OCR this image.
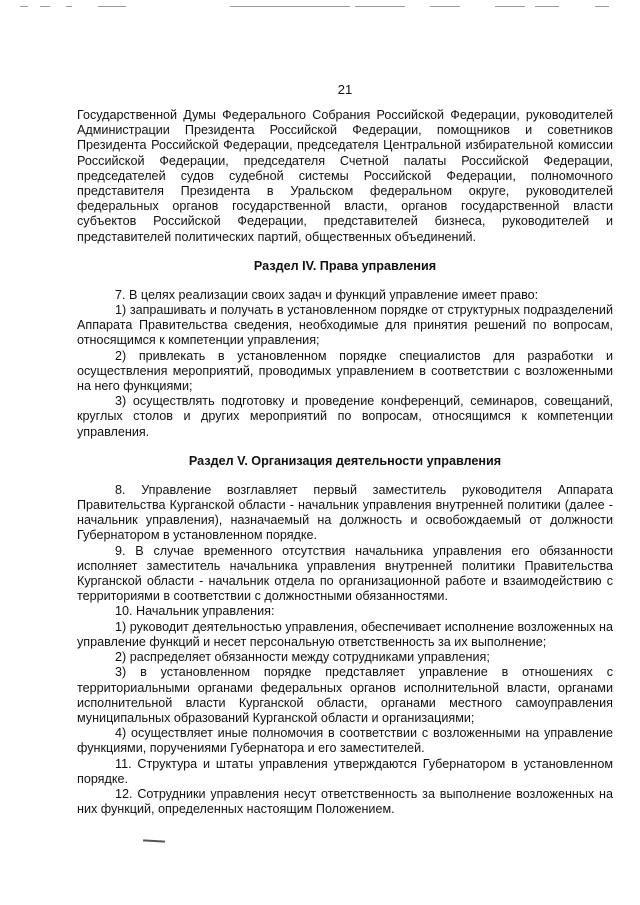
21

Государственной Думы Федерального Собрания Российской Федерации, руководителей Администрации Президента Российской Федерации, помощников и советников Президента Российской Федерации, председателя Центральной избирательной комиссии Российской Федерации, председателя Счетной палаты Российской Федерации, председателей судов судебной системы Российской Федерации, полномочного представителя Президента в Уральском федеральном округе, руководителей федеральных органов государственной власти, органов государственной власти субъектов Российской Федерации, представителей бизнеса, руководителей и представителей политических партий, общественных объединений.

Раздел IV. Права управления

7. В целях реализации своих задач и функций управление имеет право:

1) запрашивать и получать в установленном порядке от структурных подразделений Аппарата Правительства сведения, необходимые для принятия решений по вопросам, относящимся к компетенции управления;

2) привлекать в установленном порядке специалистов для разработки и осуществления мероприятий, проводимых управлением в соответствии с возложенными на него функциями;

3) осуществлять подготовку и проведение конференций, семинаров, совещаний, круглых столов и других мероприятий по вопросам, относящимся к компетенции управления.

Раздел V. Организация деятельности управления

8. Управление возглавляет первый заместитель руководителя Аппарата Правительства Курганской области - начальник управления внутренней политики (далее - начальник управления), назначаемый на должность и освобождаемый от должности Губернатором в установленном порядке.

9. В случае временного отсутствия начальника управления его обязанности исполняет заместитель начальника управления внутренней политики Правительства Курганской области - начальник отдела по организационной работе и взаимодействию с территориями в соответствии с должностными обязанностями.

10. Начальник управления:

1) руководит деятельностью управления, обеспечивает исполнение возложенных на управление функций и несет персональную ответственность за их выполнение;

2) распределяет обязанности между сотрудниками управления;

3) в установленном порядке представляет управление в отношениях с территориальными органами федеральных органов исполнительной власти, органами исполнительной власти Курганской области, органами местного самоуправления муниципальных образований Курганской области и организациями;

4) осуществляет иные полномочия в соответствии с возложенными на управление функциями, поручениями Губернатора и его заместителей.

11. Структура и штаты управления утверждаются Губернатором в установленном порядке.

12. Сотрудники управления несут ответственность за выполнение возложенных на них функций, определенных настоящим Положением.
